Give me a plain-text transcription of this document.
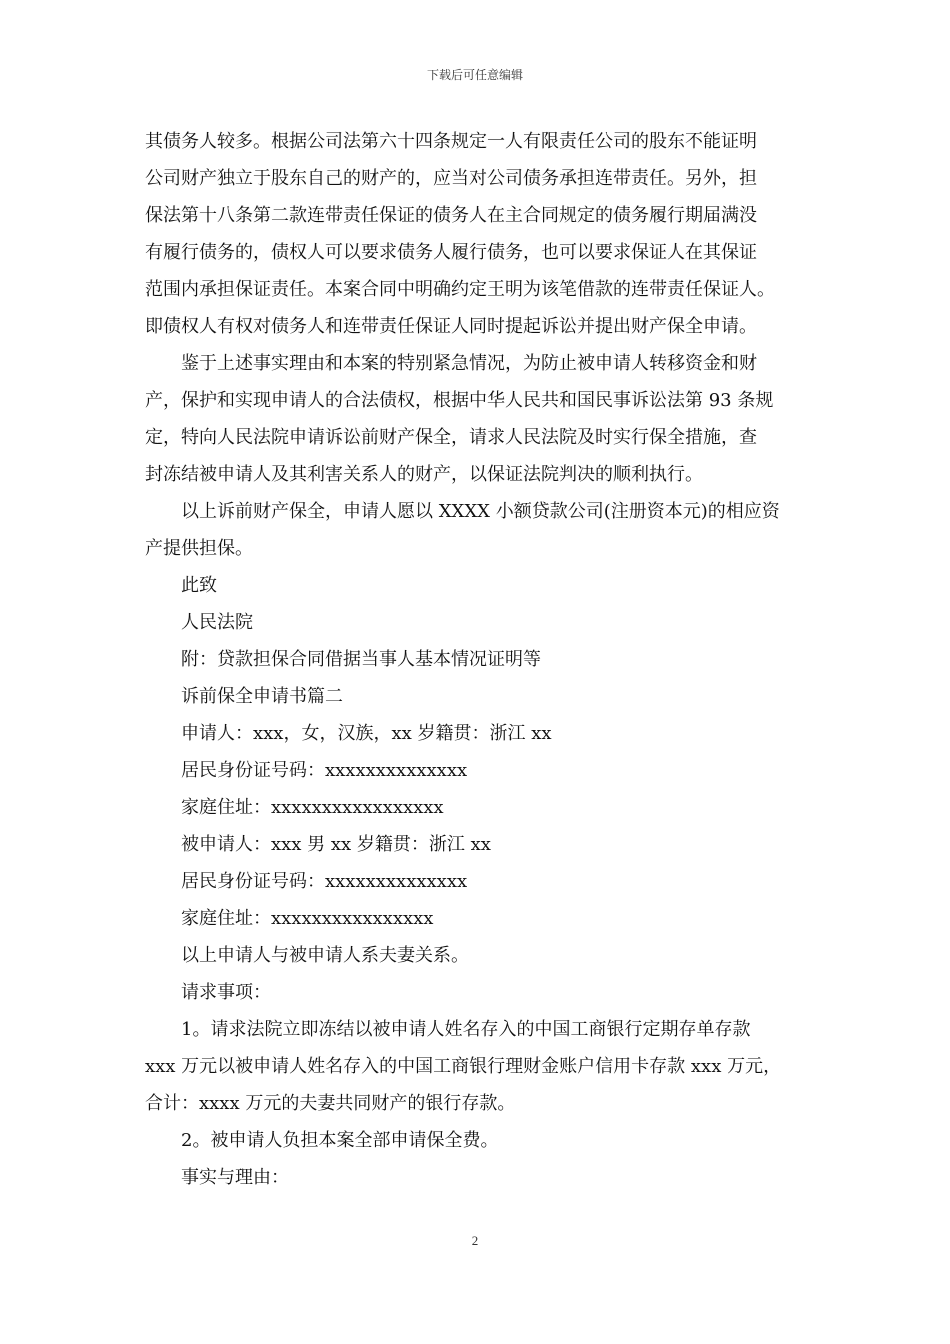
下载后可任意编辑
其债务人较多。根据公司法第六十四条规定一人有限责任公司的股东不能证明
公司财产独立于股东自己的财产的，应当对公司债务承担连带责任。另外，担
保法第十八条第二款连带责任保证的债务人在主合同规定的债务履行期届满没
有履行债务的，债权人可以要求债务人履行债务，也可以要求保证人在其保证
范围内承担保证责任。本案合同中明确约定王明为该笔借款的连带责任保证人。
即债权人有权对债务人和连带责任保证人同时提起诉讼并提出财产保全申请。
鉴于上述事实理由和本案的特别紧急情况，为防止被申请人转移资金和财
产，保护和实现申请人的合法债权，根据中华人民共和国民事诉讼法第 93 条规
定，特向人民法院申请诉讼前财产保全，请求人民法院及时实行保全措施，查
封冻结被申请人及其利害关系人的财产，以保证法院判决的顺利执行。
以上诉前财产保全，申请人愿以 XXXX 小额贷款公司(注册资本元)的相应资
产提供担保。
此致
人民法院
附：贷款担保合同借据当事人基本情况证明等
诉前保全申请书篇二
申请人：xxx，女，汉族，xx 岁籍贯：浙江 xx
居民身份证号码：xxxxxxxxxxxxxx
家庭住址：xxxxxxxxxxxxxxxxx
被申请人：xxx 男 xx 岁籍贯：浙江 xx
居民身份证号码：xxxxxxxxxxxxxx
家庭住址：xxxxxxxxxxxxxxxx
以上申请人与被申请人系夫妻关系。
请求事项：
1。请求法院立即冻结以被申请人姓名存入的中国工商银行定期存单存款
xxx 万元以被申请人姓名存入的中国工商银行理财金账户信用卡存款 xxx 万元，
合计：xxxx 万元的夫妻共同财产的银行存款。
2。被申请人负担本案全部申请保全费。
事实与理由：
2
